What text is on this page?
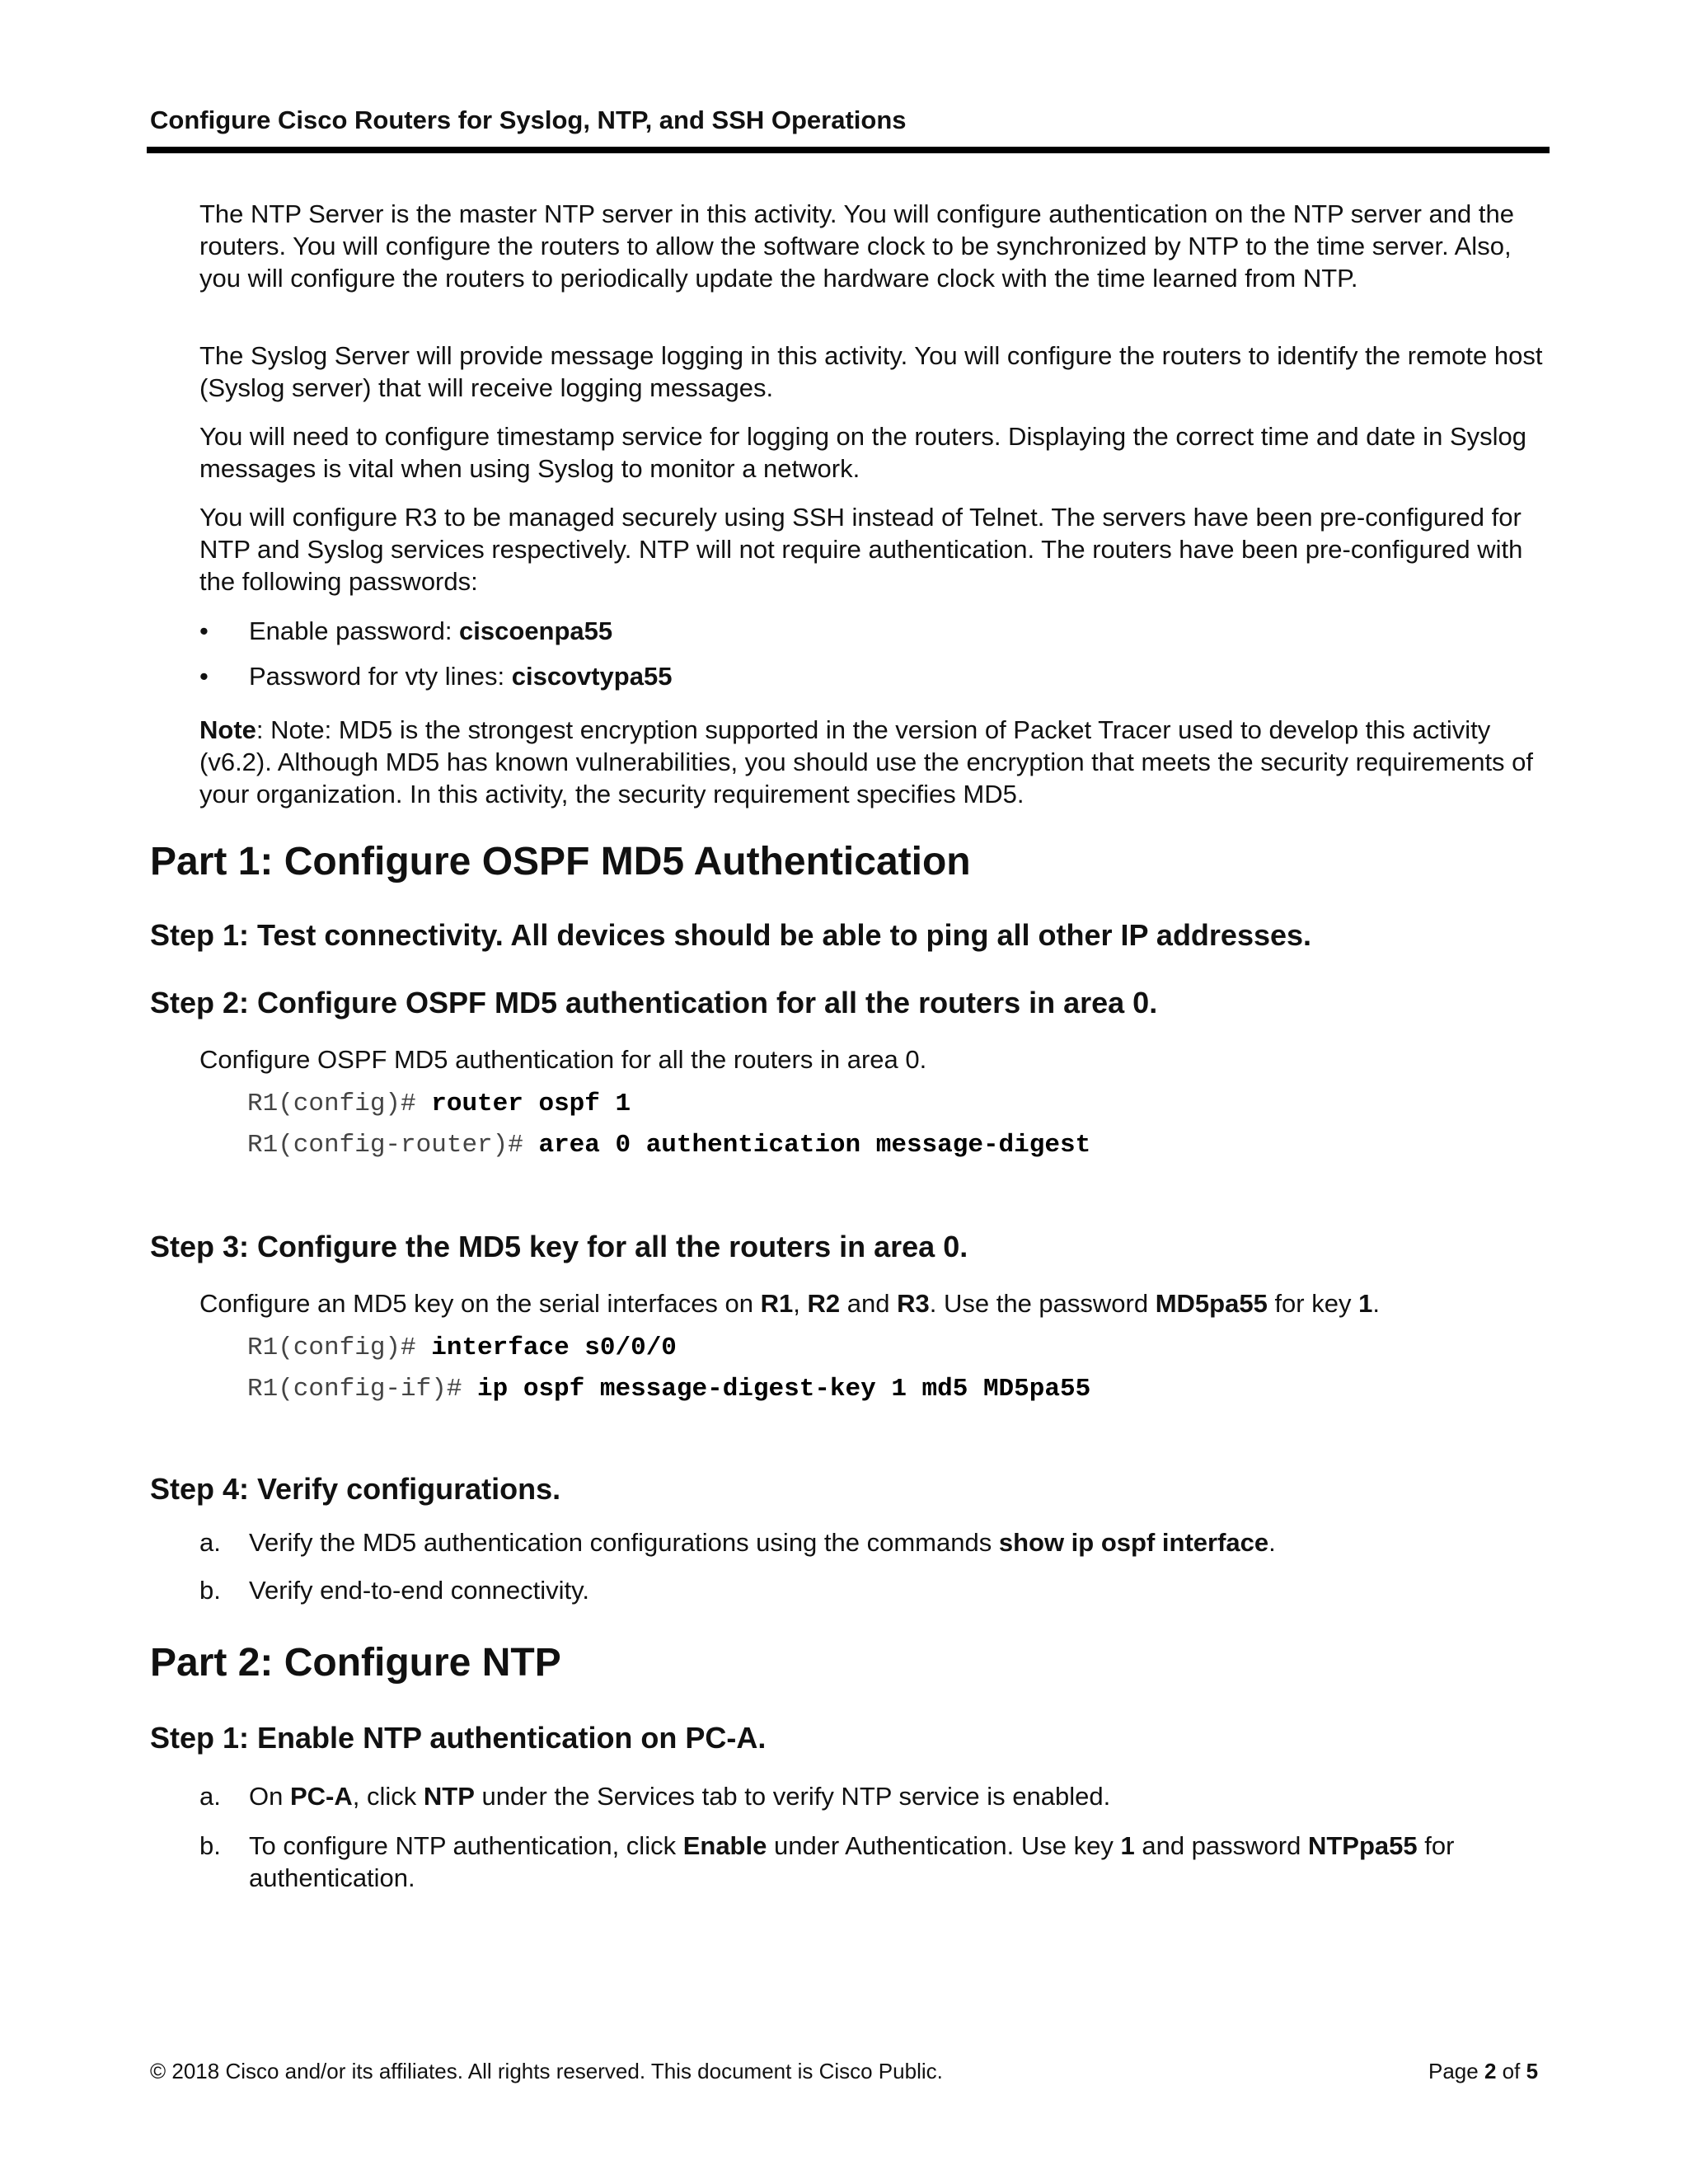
Configure Cisco Routers for Syslog, NTP, and SSH Operations

The NTP Server is the master NTP server in this activity. You will configure authentication on the NTP server and the routers. You will configure the routers to allow the software clock to be synchronized by NTP to the time server. Also, you will configure the routers to periodically update the hardware clock with the time learned from NTP.

The Syslog Server will provide message logging in this activity. You will configure the routers to identify the remote host (Syslog server) that will receive logging messages.

You will need to configure timestamp service for logging on the routers. Displaying the correct time and date in Syslog messages is vital when using Syslog to monitor a network.

You will configure R3 to be managed securely using SSH instead of Telnet. The servers have been pre-configured for NTP and Syslog services respectively. NTP will not require authentication. The routers have been pre-configured with the following passwords:

•	Enable password: ciscoenpa55
•	Password for vty lines: ciscovtypa55

Note: Note: MD5 is the strongest encryption supported in the version of Packet Tracer used to develop this activity (v6.2). Although MD5 has known vulnerabilities, you should use the encryption that meets the security requirements of your organization. In this activity, the security requirement specifies MD5.

Part 1: Configure OSPF MD5 Authentication
Step 1: Test connectivity. All devices should be able to ping all other IP addresses.
Step 2: Configure OSPF MD5 authentication for all the routers in area 0.

Configure OSPF MD5 authentication for all the routers in area 0.

R1(config)# router ospf 1
R1(config-router)# area 0 authentication message-digest
Step 3: Configure the MD5 key for all the routers in area 0.

Configure an MD5 key on the serial interfaces on R1, R2 and R3. Use the password MD5pa55 for key 1.

R1(config)# interface s0/0/0
R1(config-if)# ip ospf message-digest-key 1 md5 MD5pa55
Step 4: Verify configurations.
a. Verify the MD5 authentication configurations using the commands show ip ospf interface.
b. Verify end-to-end connectivity.
Part 2: Configure NTP
Step 1: Enable NTP authentication on PC-A.
a. On PC-A, click NTP under the Services tab to verify NTP service is enabled.
b. To configure NTP authentication, click Enable under Authentication. Use key 1 and password NTPpa55 for authentication.
© 2018 Cisco and/or its affiliates. All rights reserved. This document is Cisco Public.	Page 2 of 5
